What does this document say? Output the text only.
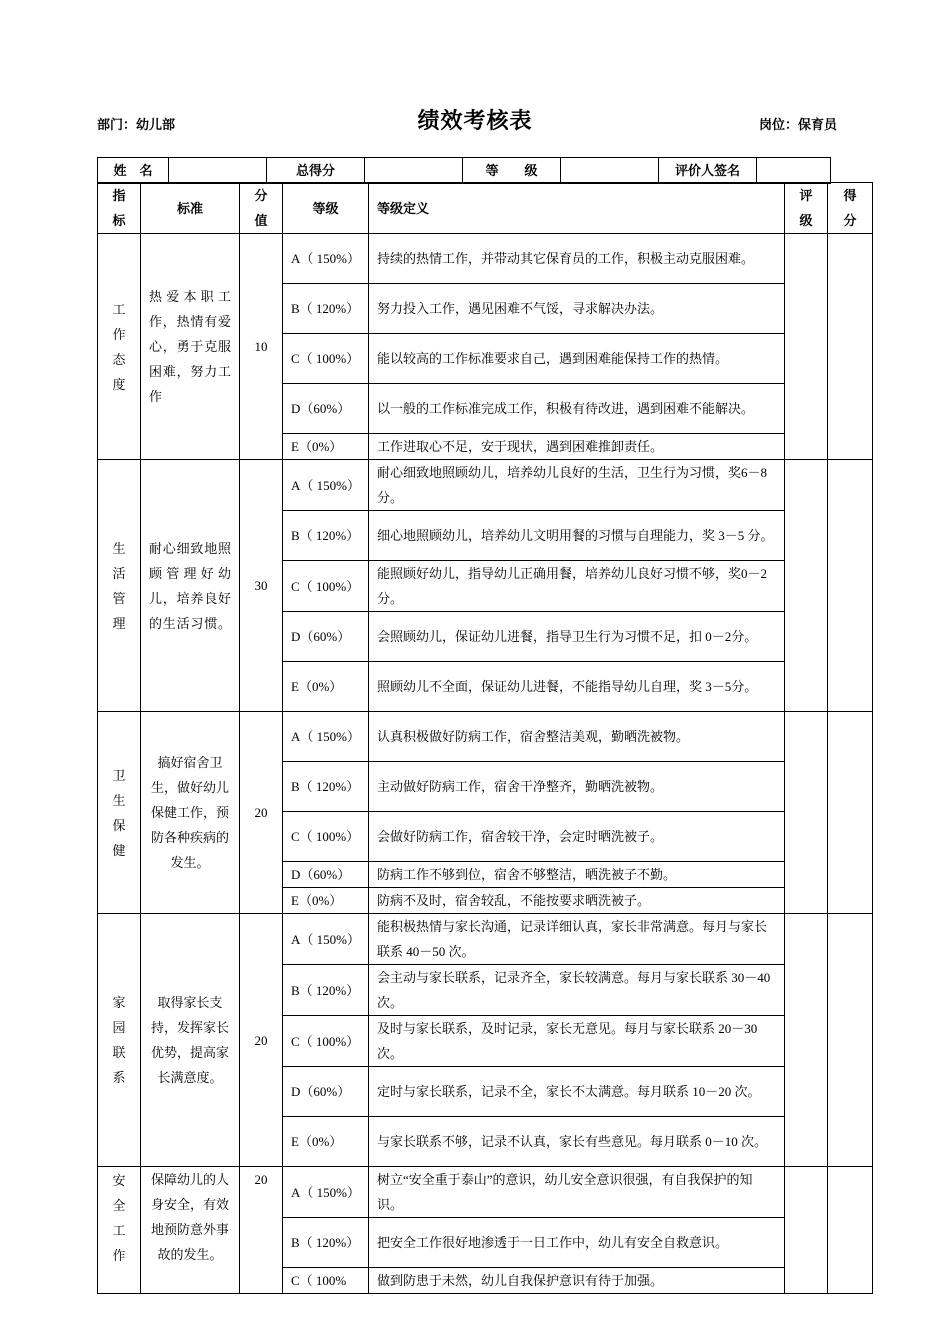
部门：幼儿部	绩效考核表	岗位：保育员
姓　名		总得分		等　　级		评价人签名	
指标	标准	分值	等级	等级定义	评级	得分
工作态度	热爱本职工作，热情有爱心，勇于克服困难，努力工作	10	A（ 150%）	持续的热情工作，并带动其它保育员的工作，积极主动克服困难。		
			B（ 120%）	努力投入工作，遇见困难不气馁，寻求解决办法。		
			C（ 100%）	能以较高的工作标准要求自己，遇到困难能保持工作的热情。		
			D（60%）	以一般的工作标准完成工作，积极有待改进，遇到困难不能解决。		
			E（0%）	工作进取心不足，安于现状，遇到困难推卸责任。		
生活管理	耐心细致地照顾管理好幼儿，培养良好的生活习惯。	30	A（ 150%）	耐心细致地照顾幼儿，培养幼儿良好的生活，卫生行为习惯，奖6－8分。		
			B（ 120%）	细心地照顾幼儿，培养幼儿文明用餐的习惯与自理能力，奖 3－5 分。		
			C（ 100%）	能照顾好幼儿，指导幼儿正确用餐，培养幼儿良好习惯不够，奖0－2 分。		
			D（60%）	会照顾幼儿，保证幼儿进餐，指导卫生行为习惯不足，扣 0－2分。		
			E（0%）	照顾幼儿不全面，保证幼儿进餐，不能指导幼儿自理，奖 3－5分。		
卫生保健	搞好宿舍卫生，做好幼儿保健工作，预防各种疾病的发生。	20	A（ 150%）	认真积极做好防病工作，宿舍整洁美观，勤晒洗被物。		
			B（ 120%）	主动做好防病工作，宿舍干净整齐，勤晒洗被物。		
			C（ 100%）	会做好防病工作，宿舍较干净，会定时晒洗被子。		
			D（60%）	防病工作不够到位，宿舍不够整洁，晒洗被子不勤。		
			E（0%）	防病不及时，宿舍较乱，不能按要求晒洗被子。		
家园联系	取得家长支持，发挥家长优势，提高家长满意度。	20	A（ 150%）	能积极热情与家长沟通，记录详细认真，家长非常满意。每月与家长联系 40－50 次。		
			B（ 120%）	会主动与家长联系，记录齐全，家长较满意。每月与家长联系 30－40 次。		
			C（ 100%）	及时与家长联系，及时记录，家长无意见。每月与家长联系 20－30 次。		
			D（60%）	定时与家长联系，记录不全，家长不太满意。每月联系 10－20 次。		
			E（0%）	与家长联系不够，记录不认真，家长有些意见。每月联系 0－10 次。		
安全工作	保障幼儿的人身安全，有效地预防意外事故的发生。	20	A（ 150%）	树立“安全重于泰山”的意识，幼儿安全意识很强，有自我保护的知识。		
			B（ 120%）	把安全工作很好地渗透于一日工作中，幼儿有安全自救意识。		
			C（ 100%	做到防患于未然，幼儿自我保护意识有待于加强。		
